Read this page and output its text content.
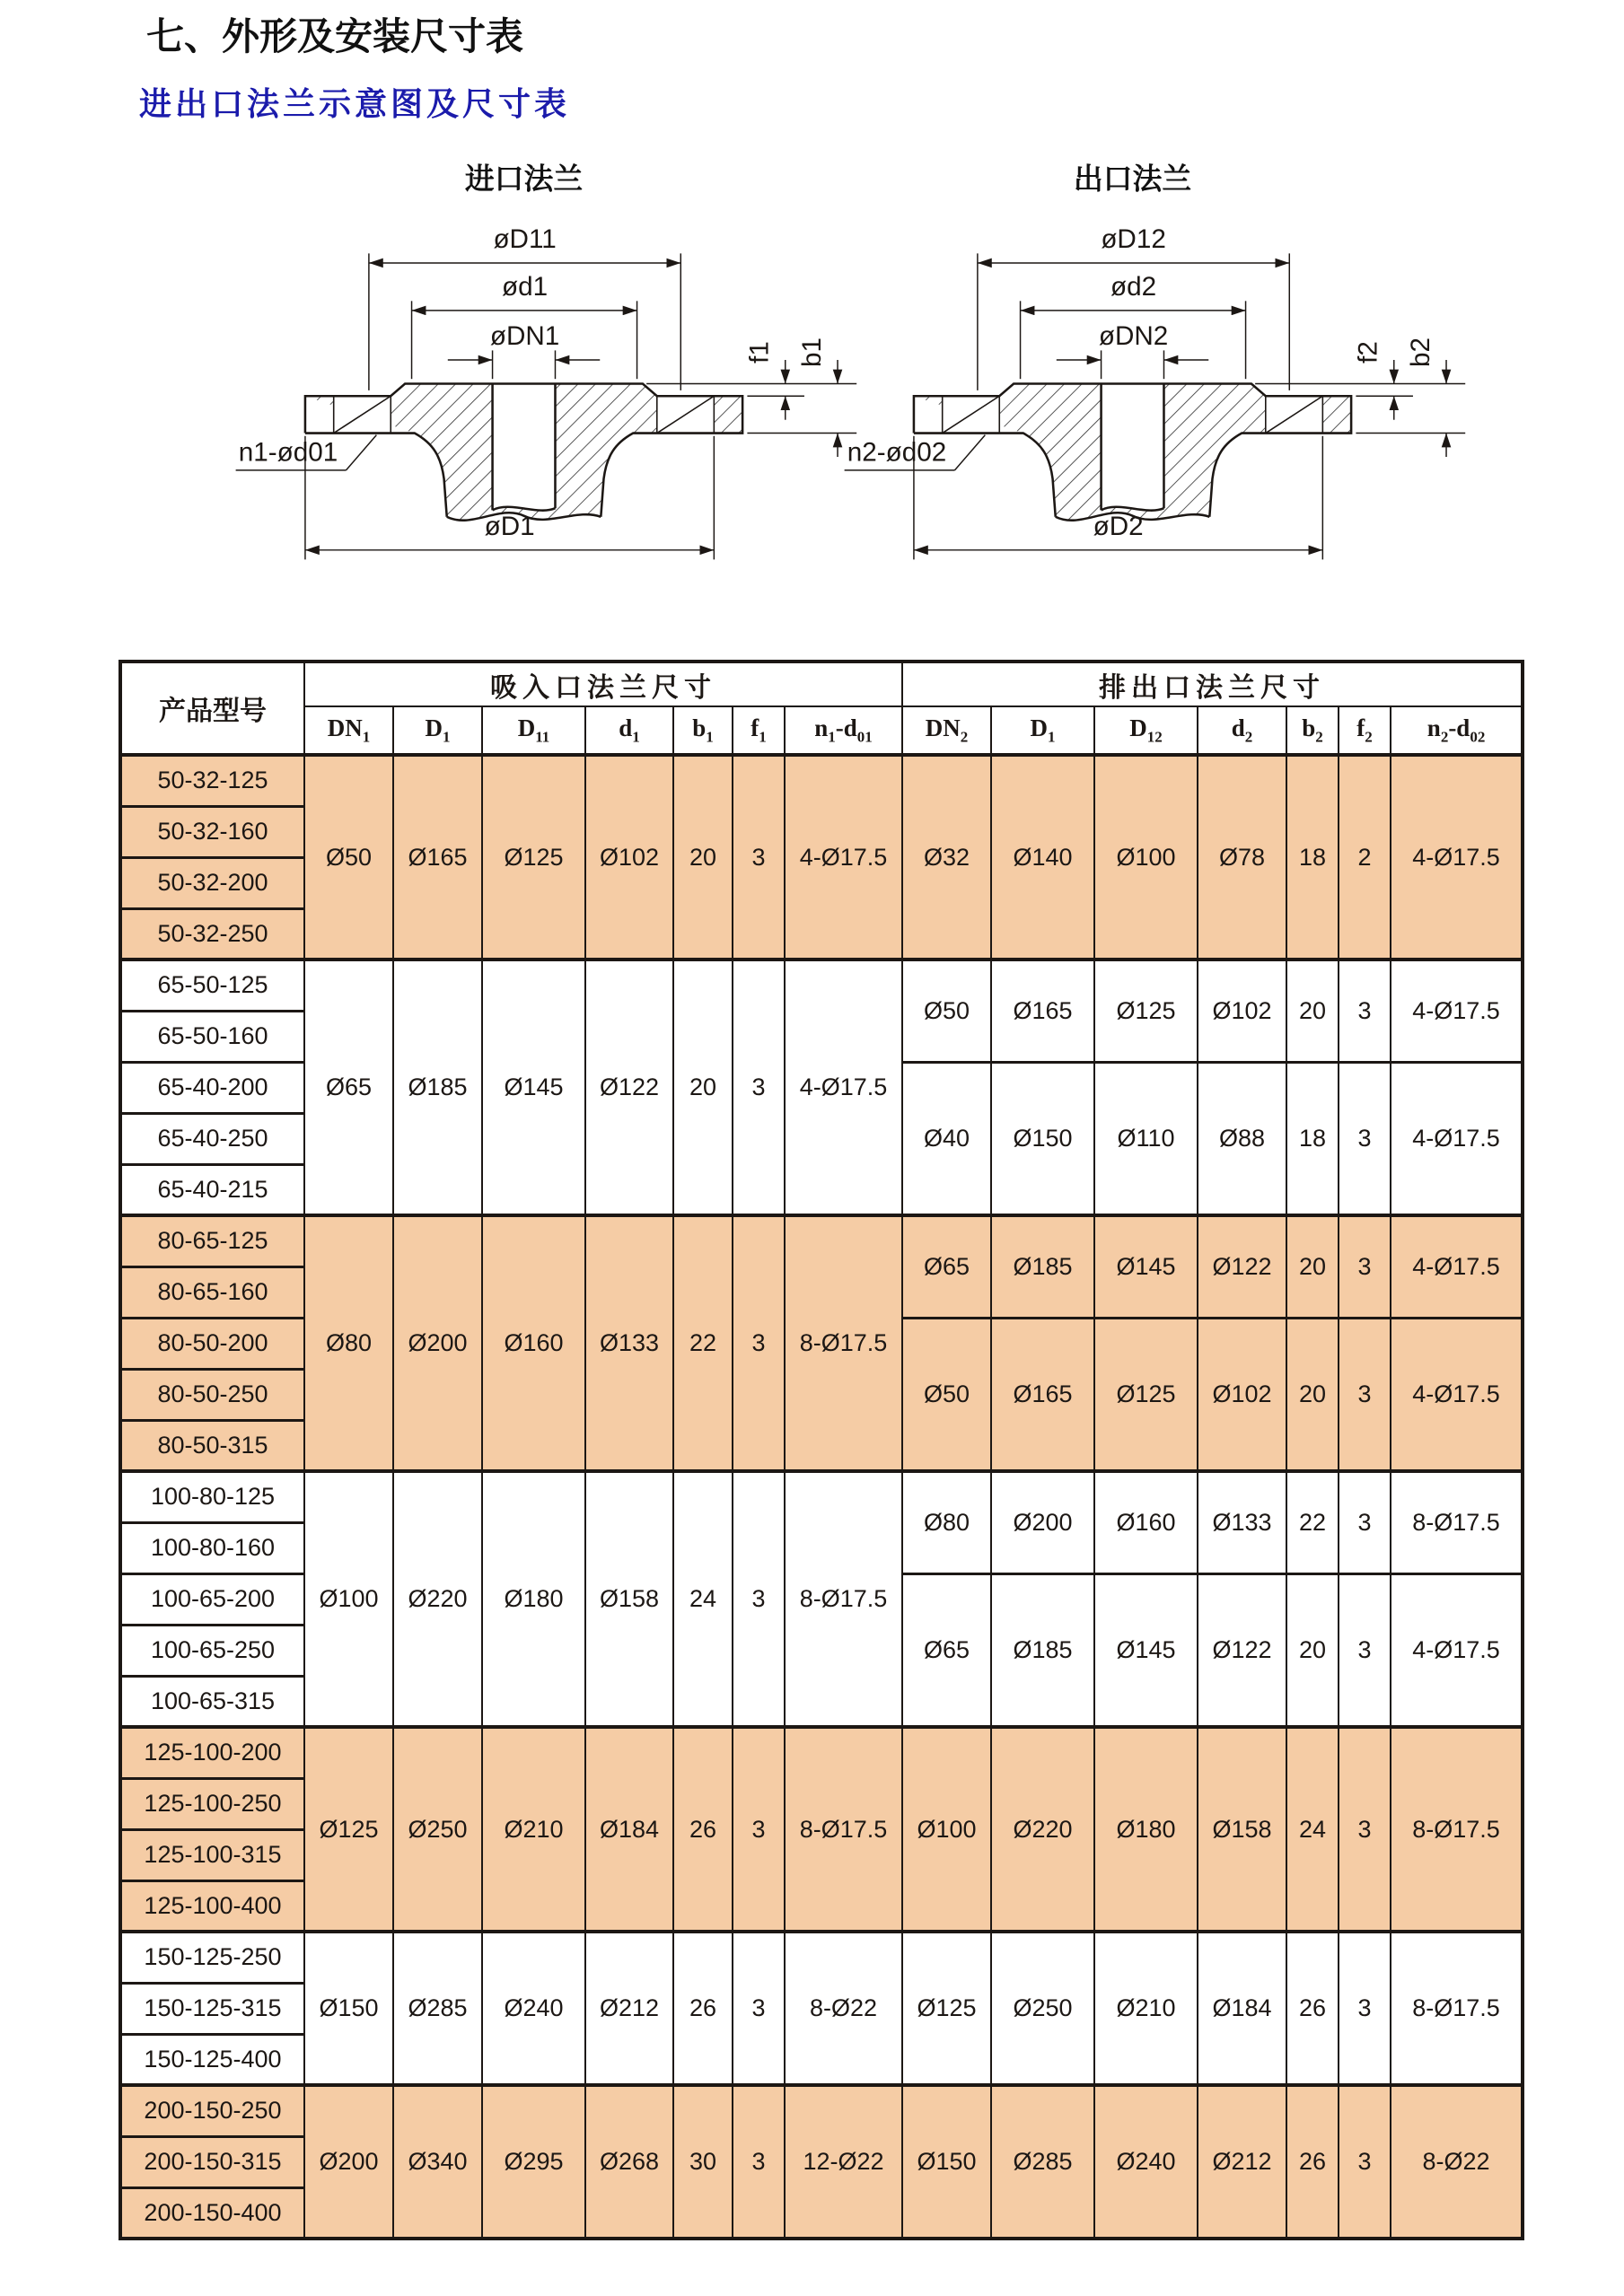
七、外形及安装尺寸表
进出口法兰示意图及尺寸表
进口法兰
øD11
ød1
øDN1
f1 b1
øD1
n1-ød01
出口法兰
øD12
ød2
øDN2
f2 b2
øD2
n2-ød02
产品型号	吸入口法兰尺寸							排出口法兰尺寸						
	$DN_1$	$D_1$	$D_{11}$	$d_1$	$b_1$	$f_1$	$n_1-d_{01}$	$DN_2$	$D_1$	$D_{12}$	$d_2$	$b_2$	$f_2$	$n_2-d_{02}$
50-32-125	Ø50	Ø165	Ø125	Ø102	20	3	4-Ø17.5	Ø32	Ø140	Ø100	Ø78	18	2	4-Ø17.5
50-32-160														
50-32-200														
50-32-250														
65-50-125	Ø65	Ø185	Ø145	Ø122	20	3	4-Ø17.5	Ø50	Ø165	Ø125	Ø102	20	3	4-Ø17.5
65-50-160														
65-40-200								Ø40	Ø150	Ø110	Ø88	18	3	4-Ø17.5
65-40-250														
65-40-215														
80-65-125	Ø80	Ø200	Ø160	Ø133	22	3	8-Ø17.5	Ø65	Ø185	Ø145	Ø122	20	3	4-Ø17.5
80-65-160														
80-50-200								Ø50	Ø165	Ø125	Ø102	20	3	4-Ø17.5
80-50-250														
80-50-315														
100-80-125	Ø100	Ø220	Ø180	Ø158	24	3	8-Ø17.5	Ø80	Ø200	Ø160	Ø133	22	3	8-Ø17.5
100-80-160														
100-65-200								Ø65	Ø185	Ø145	Ø122	20	3	4-Ø17.5
100-65-250														
100-65-315														
125-100-200	Ø125	Ø250	Ø210	Ø184	26	3	8-Ø17.5	Ø100	Ø220	Ø180	Ø158	24	3	8-Ø17.5
125-100-250														
125-100-315														
125-100-400														
150-125-250	Ø150	Ø285	Ø240	Ø212	26	3	8-Ø22	Ø125	Ø250	Ø210	Ø184	26	3	8-Ø17.5
150-125-315														
150-125-400														
200-150-250	Ø200	Ø340	Ø295	Ø268	30	3	12-Ø22	Ø150	Ø285	Ø240	Ø212	26	3	8-Ø22
200-150-315														
200-150-400														
